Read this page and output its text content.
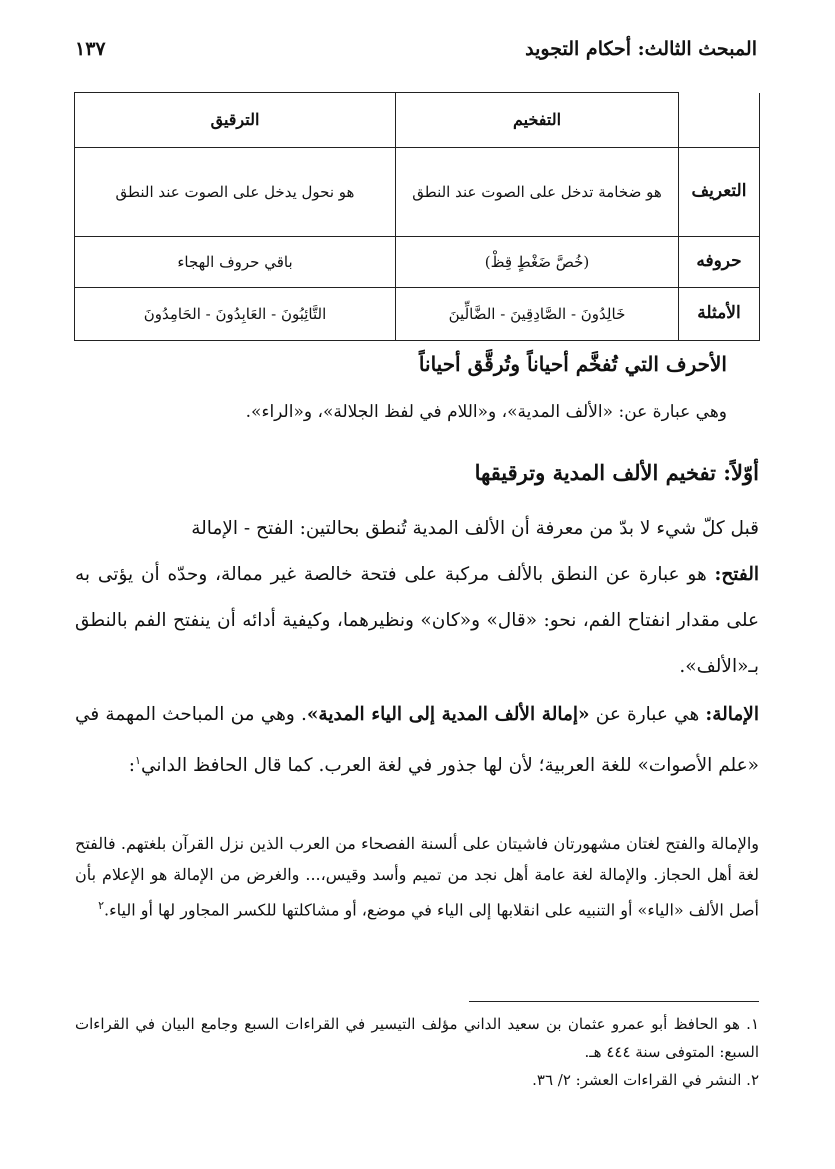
المبحث الثالث: أحكام التجويد
١٣٧
	التفخيم	الترقيق
التعريف	هو ضخامة تدخل على الصوت عند النطق	هو نحول يدخل على الصوت عند النطق
حروفه	(خُصَّ ضَغْطٍ قِظْ)	باقي حروف الهجاء
الأمثلة	خَالِدُونَ - الصَّادِقِينَ - الضَّالِّينَ	التَّائِبُونَ - العَابِدُونَ - الحَامِدُونَ
الأحرف التي تُفخَّم أحياناً وتُرقَّق أحياناً
وهي عبارة عن: «الألف المدية»، و«اللام في لفظ الجلالة»، و«الراء».
أوّلاً: تفخيم الألف المدية وترقيقها
قبل كلّ شيء لا بدّ من معرفة أن الألف المدية تُنطق بحالتين: الفتح - الإمالة
الفتح: هو عبارة عن النطق بالألف مركبة على فتحة خالصة غير ممالة، وحدّه أن يؤتى به على مقدار انفتاح الفم، نحو: «قال» و«كان» ونظيرهما، وكيفية أدائه أن ينفتح الفم بالنطق بـ«الألف».
الإمالة: هي عبارة عن «إمالة الألف المدية إلى الياء المدية». وهي من المباحث المهمة في «علم الأصوات» للغة العربية؛ لأن لها جذور في لغة العرب. كما قال الحافظ الداني$^١$:
والإمالة والفتح لغتان مشهورتان فاشيتان على ألسنة الفصحاء من العرب الذين نزل القرآن بلغتهم. فالفتح لغة أهل الحجاز. والإمالة لغة عامة أهل نجد من تميم وأسد وقيس،... والغرض من الإمالة هو الإعلام بأن أصل الألف «الياء» أو التنبيه على انقلابها إلى الياء في موضع، أو مشاكلتها للكسر المجاور لها أو الياء.$^٢$

١. هو الحافظ أبو عمرو عثمان بن سعيد الداني مؤلف التيسير في القراءات السبع وجامع البيان في القراءات السبع: المتوفى سنة ٤٤٤ هـ.

٢. النشر في القراءات العشر: ٢/ ٣٦.
